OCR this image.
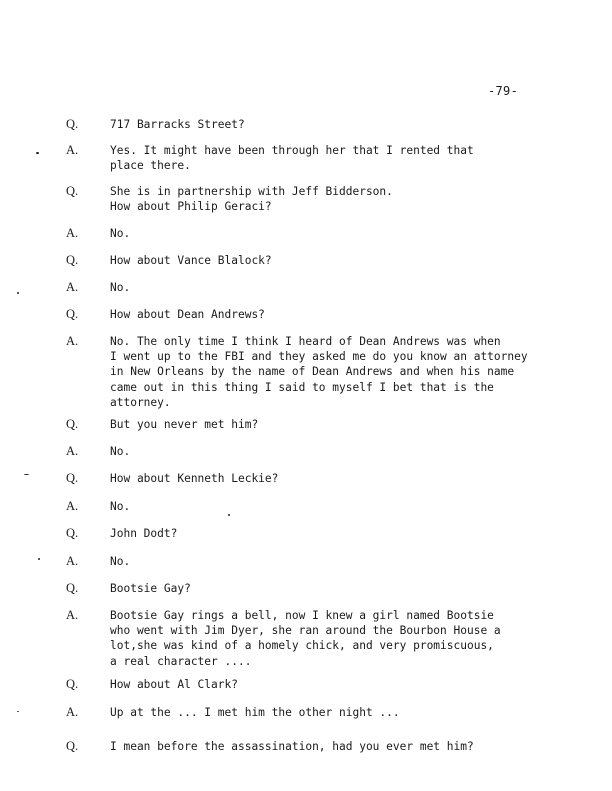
-79-
Q.	717 Barracks Street?
A.	Yes. It might have been through her that I rented that
place there.
Q.	She is in partnership with Jeff Bidderson.
How about Philip Geraci?
A.	No.
Q.	How about Vance Blalock?
A.	No.
Q.	How about Dean Andrews?
A.	No. The only time I think I heard of Dean Andrews was when
I went up to the FBI and they asked me do you know an attorney
in New Orleans by the name of Dean Andrews and when his name
came out in this thing I said to myself I bet that is the
attorney.
Q.	But you never met him?
A.	No.
Q.	How about Kenneth Leckie?
A.	No.
Q.	John Dodt?
A.	No.
Q.	Bootsie Gay?
A.	Bootsie Gay rings a bell, now I knew a girl named Bootsie
who went with Jim Dyer, she ran around the Bourbon House a
lot,she was kind of a homely chick, and very promiscuous,
a real character ....
Q.	How about Al Clark?
A.	Up at the ... I met him the other night ...
Q.	I mean before the assassination, had you ever met him?
